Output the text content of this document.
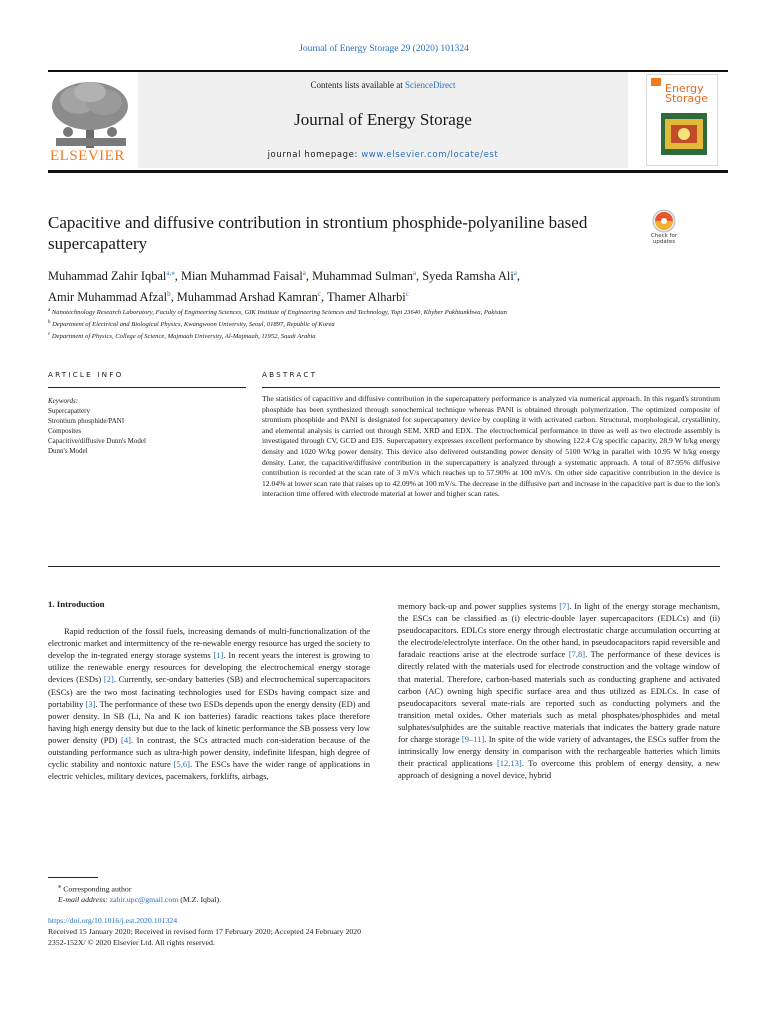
Journal of Energy Storage 29 (2020) 101324
ELSEVIER
Contents lists available at ScienceDirect
Journal of Energy Storage
journal homepage: www.elsevier.com/locate/est
Energy Storage
Capacitive and diffusive contribution in strontium phosphide-polyaniline based supercapattery	Check for updates
Muhammad Zahir Iqbal$^{a,⁎}$, Mian Muhammad Faisal$^a$, Muhammad Sulman$^a$, Syeda Ramsha Ali$^a$,
Amir Muhammad Afzal$^b$, Muhammad Arshad Kamran$^c$, Thamer Alharbi$^c$
$^a$ Nanotechnology Research Laboratory, Faculty of Engineering Sciences, GIK Institute of Engineering Sciences and Technology, Topi 23640, Khyber Pakhtunkhwa, Pakistan
$^b$ Department of Electrical and Biological Physics, Kwangwoon University, Seoul, 01897, Republic of Korea
$^c$ Department of Physics, College of Science, Majmaah University, Al-Majmaah, 11952, Saudi Arabia
ARTICLE INFO	ABSTRACT
Keywords:
Supercapattery
Strontium phosphide/PANI
Composites
Capacitive/diffusive Dunn's Model
Dunn's Model
The statistics of capacitive and diffusive contribution in the supercapattery performance is analyzed via numerical approach. In this regard's strontium phosphide has been synthesized through sonochemical technique whereas PANI is obtained through polymerization. The optimized composite of strontium phosphide and PANI is designated for supercapattery device by coupling it with activated carbon. Structural, morphological, crystallinity, and elemental analysis is carried out through SEM, XRD and EDX. The electrochemical performance in three as well as two electrode assembly is investigated through CV, GCD and EIS. Supercapattery expresses excellent performance by showing 122.4 C/g specific capacity, 28.9 W h/kg energy density and 1020 W/kg power density. This device also delivered outstanding power density of 5100 W/kg in parallel with 10.95 W h/kg energy density. Later, the capacitive/diffusive contribution in the supercapattery is analyzed through a systematic approach. A total of 87.95% diffusive contribution is recorded at the scan rate of 3 mV/s which reaches up to 57.90% at 100 mV/s. On other side capacitive contribution in the device is 12.04% at lower scan rate that raises up to 42.09% at 100 mV/s. The decrease in the diffusive part and increase in the capacitive part is due to the ion's interaction time offered with electrode material at lower and higher scan rates.
1. Introduction

Rapid reduction of the fossil fuels, increasing demands of multi-functionalization of the electronic market and intermittency of the re-newable energy resource has urged the society to develop the in-tegrated energy storage systems [1]. In recent years the interest is growing to utilize the renewable energy resources for developing the electrochemical energy storage devices (ESDs) [2]. Currently, sec-ondary batteries (SB) and electrochemical supercapacitors (ESCs) are the two most facinating technologies used for ESDs having compact size and portability [3]. The performance of these two ESDs depends upon the energy density (ED) and power density. In SB (Li, Na and K ion batteries) faradic reactions takes place therefore having high energy density but due to the lack of kinetic performance the SB possess very low power density (PD) [4]. In contrast, the SCs attracted much con-sideration because of the outstanding performance such as ultra-high power density, indefinite lifespan, high degree of cyclic stability and nontoxic nature [5,6]. The ESCs have the wider range of applications in electric vehicles, military devices, pacemakers, forklifts, airbags,

memory back-up and power supplies systems [7]. In light of the energy storage mechanism, the ESCs can be classified as (i) electric-double layer supercapacitors (EDLCs) and (ii) pseudocapacitors. EDLCs store energy through electrostatic charge accumulation occurring at the electrode/electrolyte interface. On the other hand, in pseudocapacitors rapid reversible and faradaic reactions arise at the electrode surface [7,8]. The performance of these devices is directly related with the materials used for electrode construction and the voltage window of that material. Therefore, carbon-based materials such as conducting graphene and activated carbon (AC) owning high specific surface area and thus utilized as EDLCs. In case of pseudocapacitors several mate-rials are reported such as conducting polymers and the transition metal oxides. Other materials such as metal phosphates/phosphides and metal sulphates/sulphides are the suitable reactive materials that indicates the battery grade nature for charge storage [9–11]. In spite of the wide variety of advantages, the ESCs suffer from the intrinsically low energy density in comparison with the rechargeable batteries which limits their practical applications [12,13]. To overcome this problem of energy density, a new approach of designing a novel device, hybrid

⁎ Corresponding author
E-mail address: zahir.upc@gmail.com (M.Z. Iqbal).
https://doi.org/10.1016/j.est.2020.101324
Received 15 January 2020; Received in revised form 17 February 2020; Accepted 24 February 2020
2352-152X/ © 2020 Elsevier Ltd. All rights reserved.
